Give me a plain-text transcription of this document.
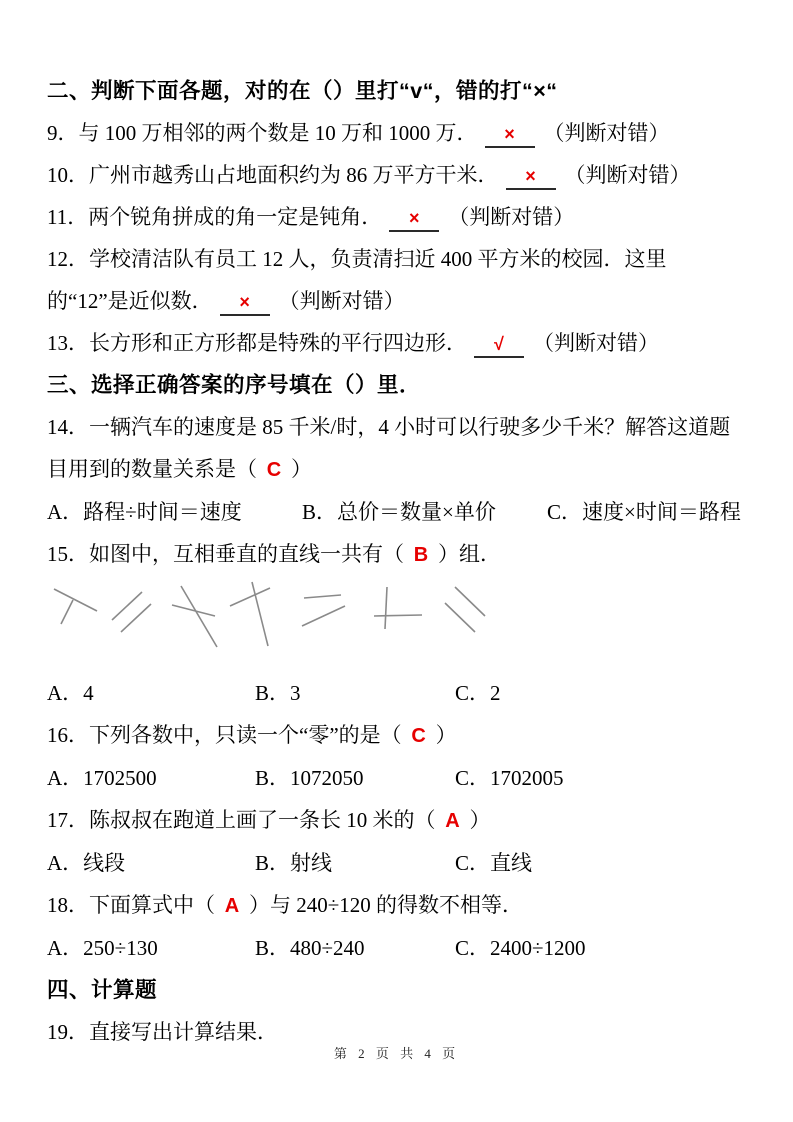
二、判断下面各题，对的在（）里打“v“，错的打“×“

9．与 100 万相邻的两个数是 10 万和 1000 万． × （判断对错）

10．广州市越秀山占地面积约为 86 万平方干米． × （判断对错）

11．两个锐角拼成的角一定是钝角． × （判断对错）

12．学校清洁队有员工 12 人，负责清扫近 400 平方米的校园．这里的“12”是近似数． × （判断对错）

13．长方形和正方形都是特殊的平行四边形． √ （判断对错）

三、选择正确答案的序号填在（）里．

14．一辆汽车的速度是 85 千米/时，4 小时可以行驶多少千米？解答这道题目用到的数量关系是（ C ）

A．路程÷时间＝速度	B．总价＝数量×单价	C．速度×时间＝路程

15．如图中，互相垂直的直线一共有（ B ）组．

A．4	B．3	C．2

16．下列各数中，只读一个“零”的是（ C ）

A．1702500	B．1072050	C．1702005

17．陈叔叔在跑道上画了一条长 10 米的（ A ）

A．线段	B．射线	C．直线

18．下面算式中（ A ）与 240÷120 的得数不相等．

A．250÷130	B．480÷240	C．2400÷1200

四、计算题

19．直接写出计算结果．

第 2 页 共 4 页
